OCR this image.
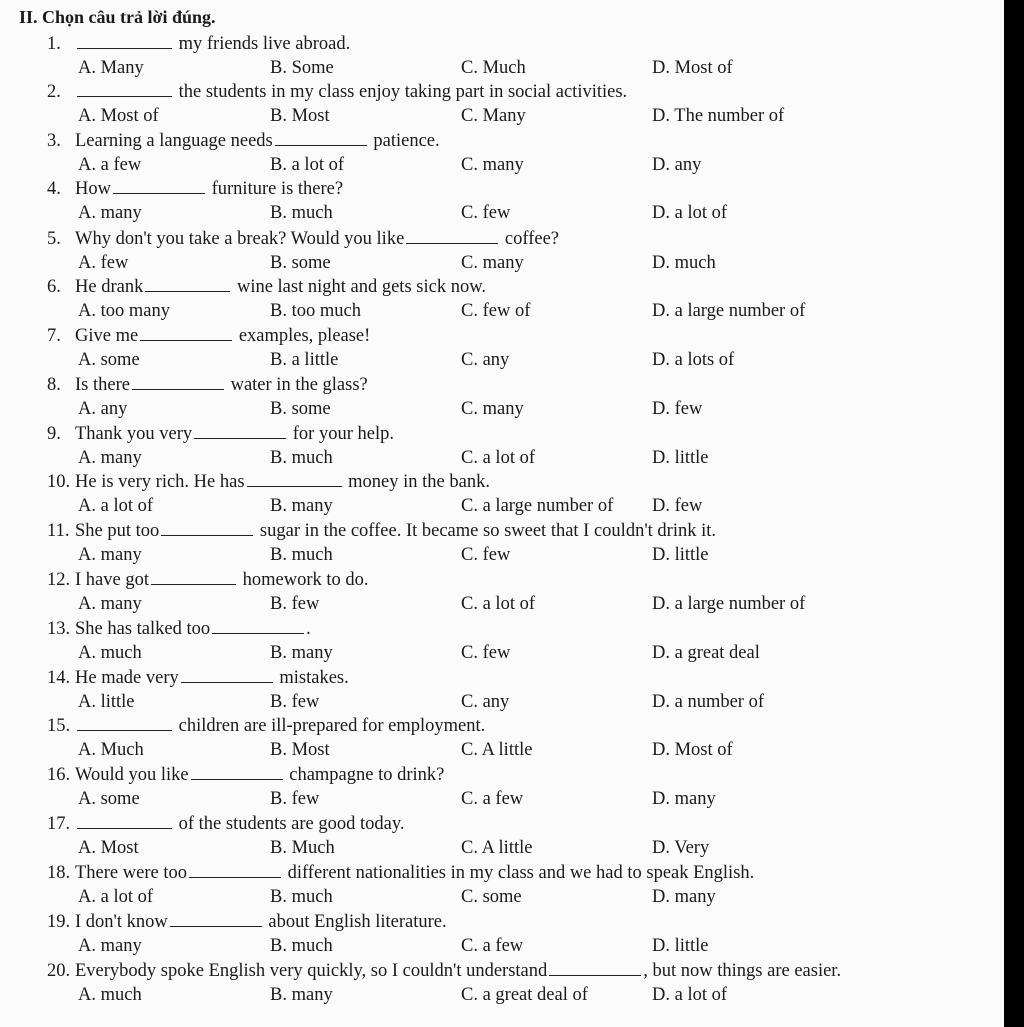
II. Chọn câu trả lời đúng.
1.	my friends live abroad.
A. Many	B. Some	C. Much	D. Most of
2.	the students in my class enjoy taking part in social activities.
A. Most of	B. Most	C. Many	D. The number of
3. Learning a language needs	patience.
A. a few	B. a lot of	C. many	D. any
4. How	furniture is there?
A. many	B. much	C. few	D. a lot of
5. Why don't you take a break? Would you like	coffee?
A. few	B. some	C. many	D. much
6. He drank	wine last night and gets sick now.
A. too many	B. too much	C. few of	D. a large number of
7. Give me	examples, please!
A. some	B. a little	C. any	D. a lots of
8. Is there	water in the glass?
A. any	B. some	C. many	D. few
9. Thank you very	for your help.
A. many	B. much	C. a lot of	D. little
10. He is very rich. He has	money in the bank.
A. a lot of	B. many	C. a large number of D. few
11. She put too	sugar in the coffee. It became so sweet that I couldn't drink it.
A. many	B. much	C. few	D. little
12. I have got	homework to do.
A. many	B. few	C. a lot of	D. a large number of
13. She has talked too	.
A. much	B. many	C. few	D. a great deal
14. He made very	mistakes.
A. little	B. few	C. any	D. a number of
15.	children are ill-prepared for employment.
A. Much	B. Most	C. A little	D. Most of
16. Would you like	champagne to drink?
A. some	B. few	C. a few	D. many
17.	of the students are good today.
A. Most	B. Much	C. A little	D. Very
18. There were too	different nationalities in my class and we had to speak English.
A. a lot of	B. much	C. some	D. many
19. I don't know	about English literature.
A. many	B. much	C. a few	D. little
20. Everybody spoke English very quickly, so I couldn't understand	, but now things are easier.
A. much	B. many	C. a great deal of	D. a lot of
